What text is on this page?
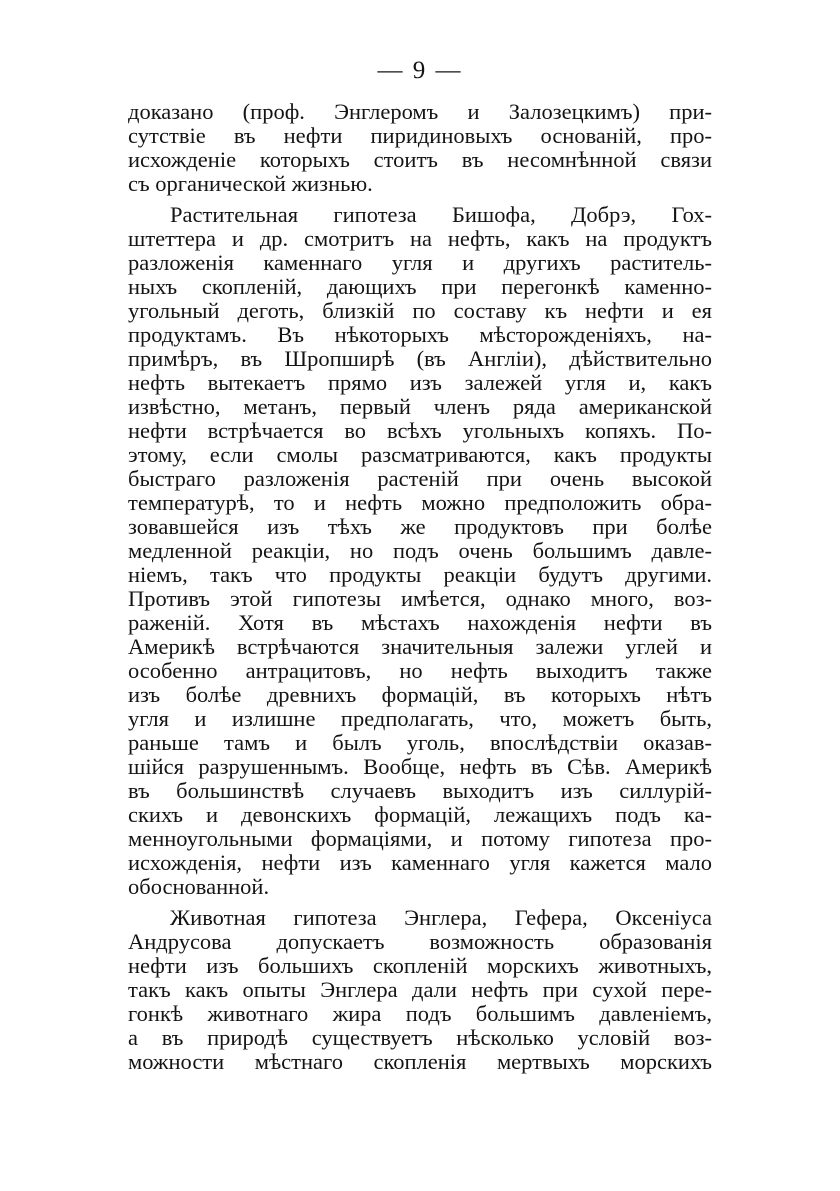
— 9 —
доказано (проф. Энглеромъ и Залозецкимъ) при-
сутствіе въ нефти пиридиновыхъ основаній, про-
исхожденіе которыхъ стоитъ въ несомнѣнной связи
съ органической жизнью.
Растительная гипотеза Бишофа, Добрэ, Гох-
штеттера и др. смотритъ на нефть, какъ на продуктъ
разложенія каменнаго угля и другихъ раститель-
ныхъ скопленій, дающихъ при перегонкѣ каменно-
угольный деготь, близкій по составу къ нефти и ея
продуктамъ. Въ нѣкоторыхъ мѣсторожденіяхъ, на-
примѣръ, въ Шропширѣ (въ Англіи), дѣйствительно
нефть вытекаетъ прямо изъ залежей угля и, какъ
извѣстно, метанъ, первый членъ ряда американской
нефти встрѣчается во всѣхъ угольныхъ копяхъ. По-
этому, если смолы разсматриваются, какъ продукты
быстраго разложенія растеній при очень высокой
температурѣ, то и нефть можно предположить обра-
зовавшейся изъ тѣхъ же продуктовъ при болѣе
медленной реакціи, но подъ очень большимъ давле-
ніемъ, такъ что продукты реакціи будутъ другими.
Противъ этой гипотезы имѣется, однако много, воз-
раженій. Хотя въ мѣстахъ нахожденія нефти въ
Америкѣ встрѣчаются значительныя залежи углей и
особенно антрацитовъ, но нефть выходитъ также
изъ болѣе древнихъ формацій, въ которыхъ нѣтъ
угля и излишне предполагать, что, можетъ быть,
раньше тамъ и былъ уголь, впослѣдствіи оказав-
шійся разрушеннымъ. Вообще, нефть въ Сѣв. Америкѣ
въ большинствѣ случаевъ выходитъ изъ силлурій-
скихъ и девонскихъ формацій, лежащихъ подъ ка-
менноугольными формаціями, и потому гипотеза про-
исхожденія, нефти изъ каменнаго угля кажется мало
обоснованной.
Животная гипотеза Энглера, Гефера, Оксеніуса
Андрусова допускаетъ возможность образованія
нефти изъ большихъ скопленій морскихъ животныхъ,
такъ какъ опыты Энглера дали нефть при сухой пере-
гонкѣ животнаго жира подъ большимъ давленіемъ,
а въ природѣ существуетъ нѣсколько условій воз-
можности мѣстнаго скопленія мертвыхъ морскихъ
